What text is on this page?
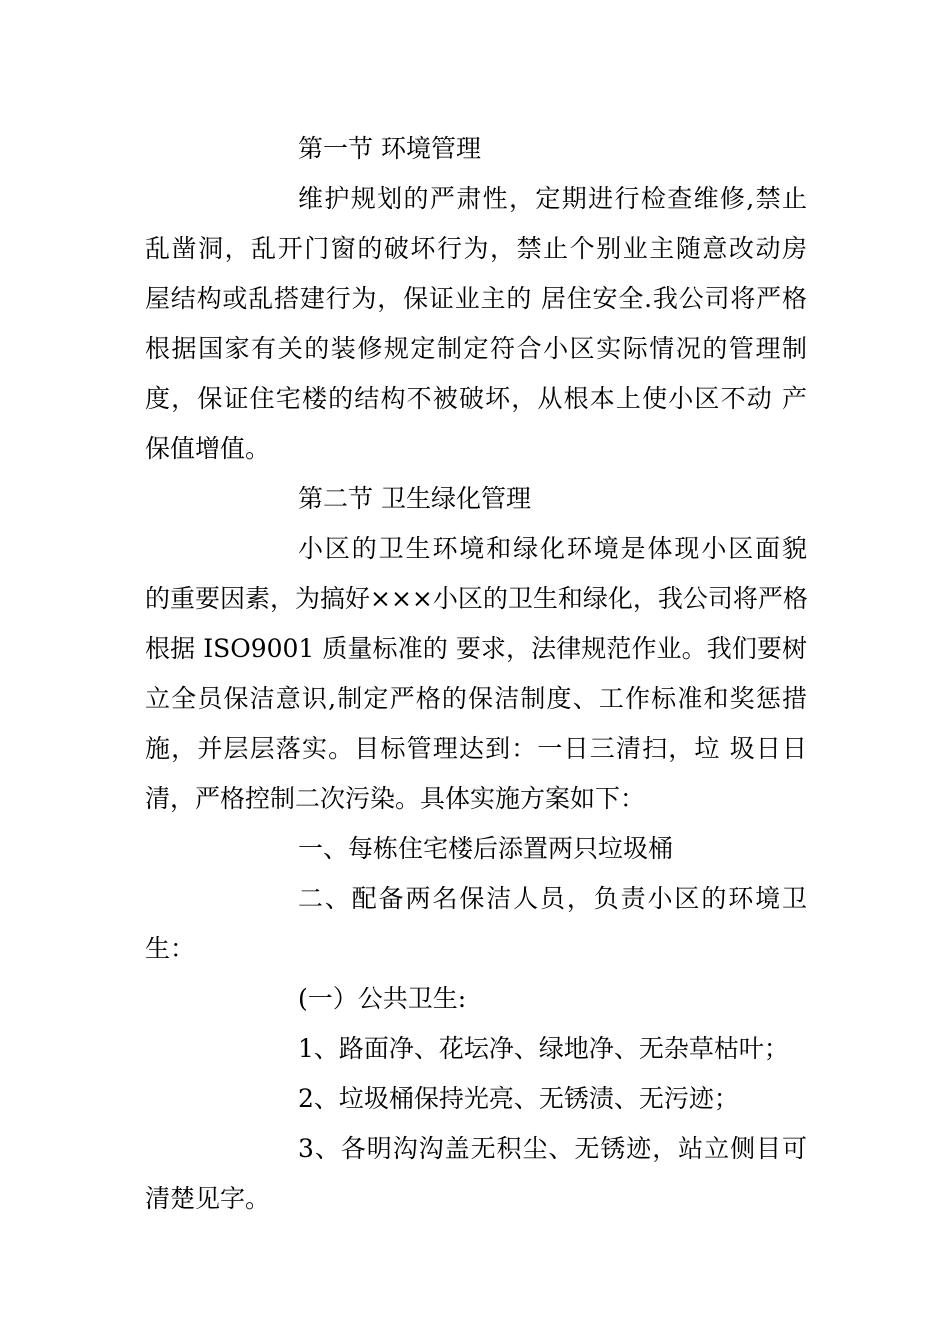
第一节 环境管理
维护规划的严肃性，定期进行检查维修,禁止
乱凿洞，乱开门窗的破坏行为，禁止个别业主随意改动房
屋结构或乱搭建行为，保证业主的 居住安全.我公司将严格
根据国家有关的装修规定制定符合小区实际情况的管理制
度，保证住宅楼的结构不被破坏，从根本上使小区不动 产
保值增值。
第二节 卫生绿化管理
小区的卫生环境和绿化环境是体现小区面貌
的重要因素，为搞好×××小区的卫生和绿化，我公司将严格
根据 ISO9001 质量标准的 要求，法律规范作业。我们要树
立全员保洁意识,制定严格的保洁制度、工作标准和奖惩措
施，并层层落实。目标管理达到：一日三清扫，垃 圾日日
清，严格控制二次污染。具体实施方案如下：
一、每栋住宅楼后添置两只垃圾桶
二、配备两名保洁人员，负责小区的环境卫
生：
(一）公共卫生:
1、路面净、花坛净、绿地净、无杂草枯叶；
2、垃圾桶保持光亮、无锈渍、无污迹；
3、各明沟沟盖无积尘、无锈迹，站立侧目可
清楚见字。
